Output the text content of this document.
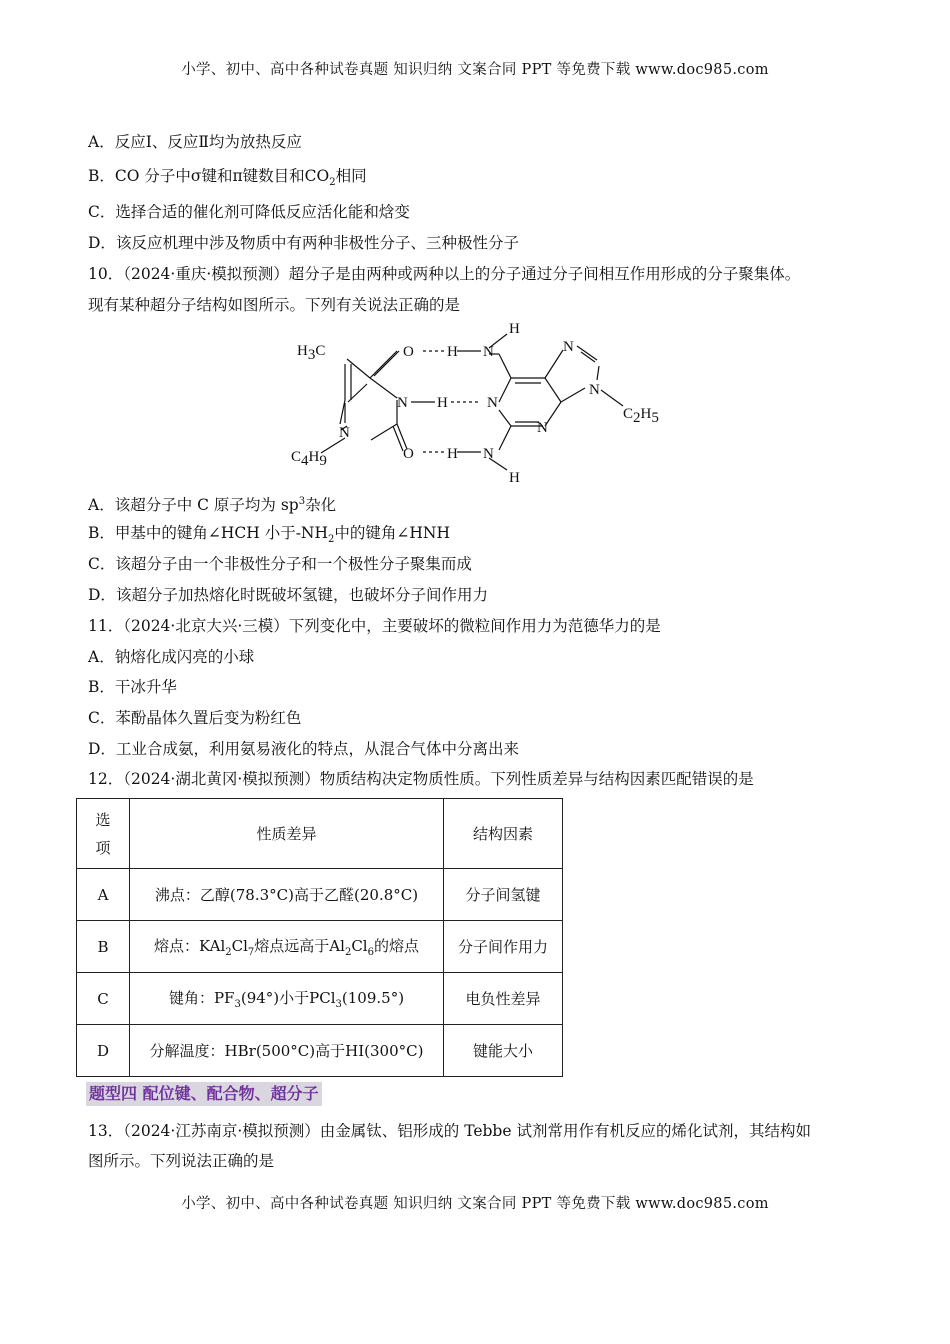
小学、初中、高中各种试卷真题 知识归纳 文案合同 PPT 等免费下载 www.doc985.com
A．反应Ⅰ、反应Ⅱ均为放热反应
B．CO 分子中σ键和π键数目和$CO_2$相同
C．选择合适的催化剂可降低反应活化能和焓变
D．该反应机理中涉及物质中有两种非极性分子、三种极性分子
10．（2024·重庆·模拟预测）超分子是由两种或两种以上的分子通过分子间相互作用形成的分子聚集体。
现有某种超分子结构如图所示。下列有关说法正确的是
H3C	O H N
H
N
N H	N
N
C2H5
N	N
O H N
C4H9
H
A．该超分子中 C 原子均为 $sp^3$杂化
B．甲基中的键角∠HCH 小于$-NH_2$中的键角∠HNH
C．该超分子由一个非极性分子和一个极性分子聚集而成
D．该超分子加热熔化时既破坏氢键，也破坏分子间作用力
11．（2024·北京大兴·三模）下列变化中，主要破坏的微粒间作用力为范德华力的是
A．钠熔化成闪亮的小球
B．干冰升华
C．苯酚晶体久置后变为粉红色
D．工业合成氨，利用氨易液化的特点，从混合气体中分离出来
12．（2024·湖北黄冈·模拟预测）物质结构决定物质性质。下列性质差异与结构因素匹配错误的是
选
项	性质差异	结构因素
A	沸点：乙醇(78.3°C)高于乙醛(20.8°C)	分子间氢键
B	熔点：$KAl_2Cl_7$熔点远高于$Al_2Cl_6$的熔点	分子间作用力
C	键角：$PF_3(94^\circ)$小于PCl$_3$(109.5°)	电负性差异
D	分解温度：HBr(500°C)高于HI(300°C)	键能大小
题型四 配位键、配合物、超分子
13．（2024·江苏南京·模拟预测）由金属钛、铝形成的 Tebbe 试剂常用作有机反应的烯化试剂，其结构如
图所示。下列说法正确的是
小学、初中、高中各种试卷真题 知识归纳 文案合同 PPT 等免费下载 www.doc985.com
